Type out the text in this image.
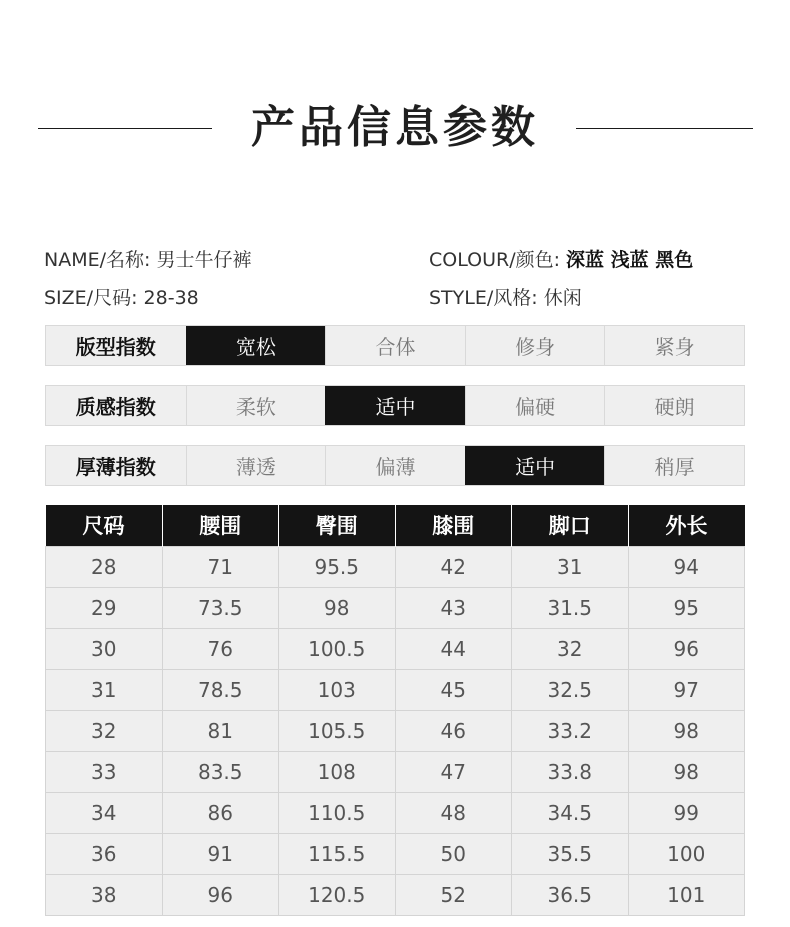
产品信息参数
NAME/名称: 男士牛仔裤	COLOUR/颜色: 深蓝 浅蓝 黑色
SIZE/尺码: 28-38	STYLE/风格: 休闲
版型指数	宽松	合体	修身	紧身
质感指数	柔软	适中	偏硬	硬朗
厚薄指数	薄透	偏薄	适中	稍厚
尺码	腰围	臀围	膝围	脚口	外长
28	71	95.5	42	31	94
29	73.5	98	43	31.5	95
30	76	100.5	44	32	96
31	78.5	103	45	32.5	97
32	81	105.5	46	33.2	98
33	83.5	108	47	33.8	98
34	86	110.5	48	34.5	99
36	91	115.5	50	35.5	100
38	96	120.5	52	36.5	101
